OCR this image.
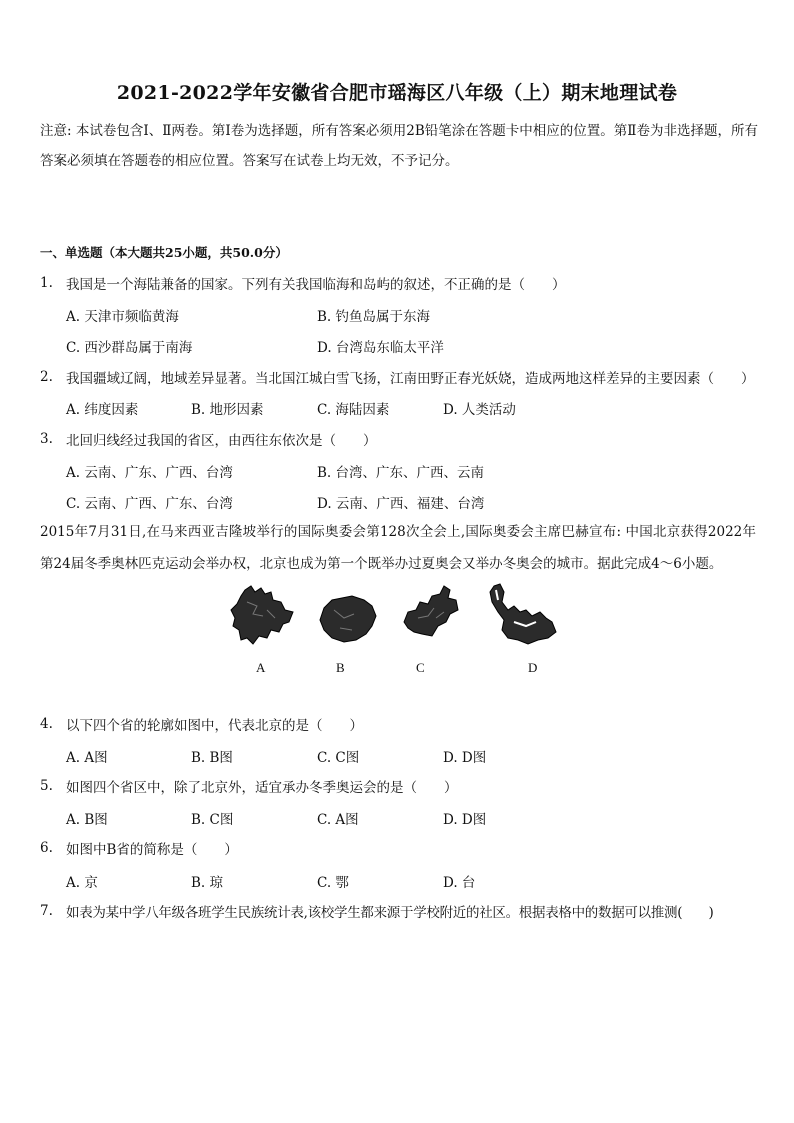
2021-2022学年安徽省合肥市瑶海区八年级（上）期末地理试卷
注意: 本试卷包含Ⅰ、Ⅱ两卷。第Ⅰ卷为选择题，所有答案必须用2B铅笔涂在答题卡中相应的位置。第Ⅱ卷为非选择题，所有答案必须填在答题卷的相应位置。答案写在试卷上均无效，不予记分。
一、单选题（本大题共25小题，共50.0分）
1. 我国是一个海陆兼备的国家。下列有关我国临海和岛屿的叙述，不正确的是（　　）
A. 天津市频临黄海	B. 钓鱼岛属于东海
C. 西沙群岛属于南海	D. 台湾岛东临太平洋
2. 我国疆域辽阔，地域差异显著。当北国江城白雪飞扬，江南田野正春光妖娆，造成两地这样差异的主要因素（　　）
A. 纬度因素	B. 地形因素	C. 海陆因素	D. 人类活动
3. 北回归线经过我国的省区，由西往东依次是（　　）
A. 云南、广东、广西、台湾	B. 台湾、广东、广西、云南
C. 云南、广西、广东、台湾	D. 云南、广西、福建、台湾
2015年7月31日,在马来西亚吉隆坡举行的国际奥委会第128次全会上,国际奥委会主席巴赫宣布: 中国北京获得2022年第24届冬季奥林匹克运动会举办权，北京也成为第一个既举办过夏奥会又举办冬奥会的城市。据此完成4～6小题。
A	B	C	D
4. 以下四个省的轮廓如图中，代表北京的是（　　）
A. A图	B. B图	C. C图	D. D图
5. 如图四个省区中，除了北京外，适宜承办冬季奥运会的是（　　）
A. B图	B. C图	C. A图	D. D图
6. 如图中B省的简称是（　　）
A. 京	B. 琼	C. 鄂	D. 台
7. 如表为某中学八年级各班学生民族统计表,该校学生都来源于学校附近的社区。根据表格中的数据可以推测(　　)
